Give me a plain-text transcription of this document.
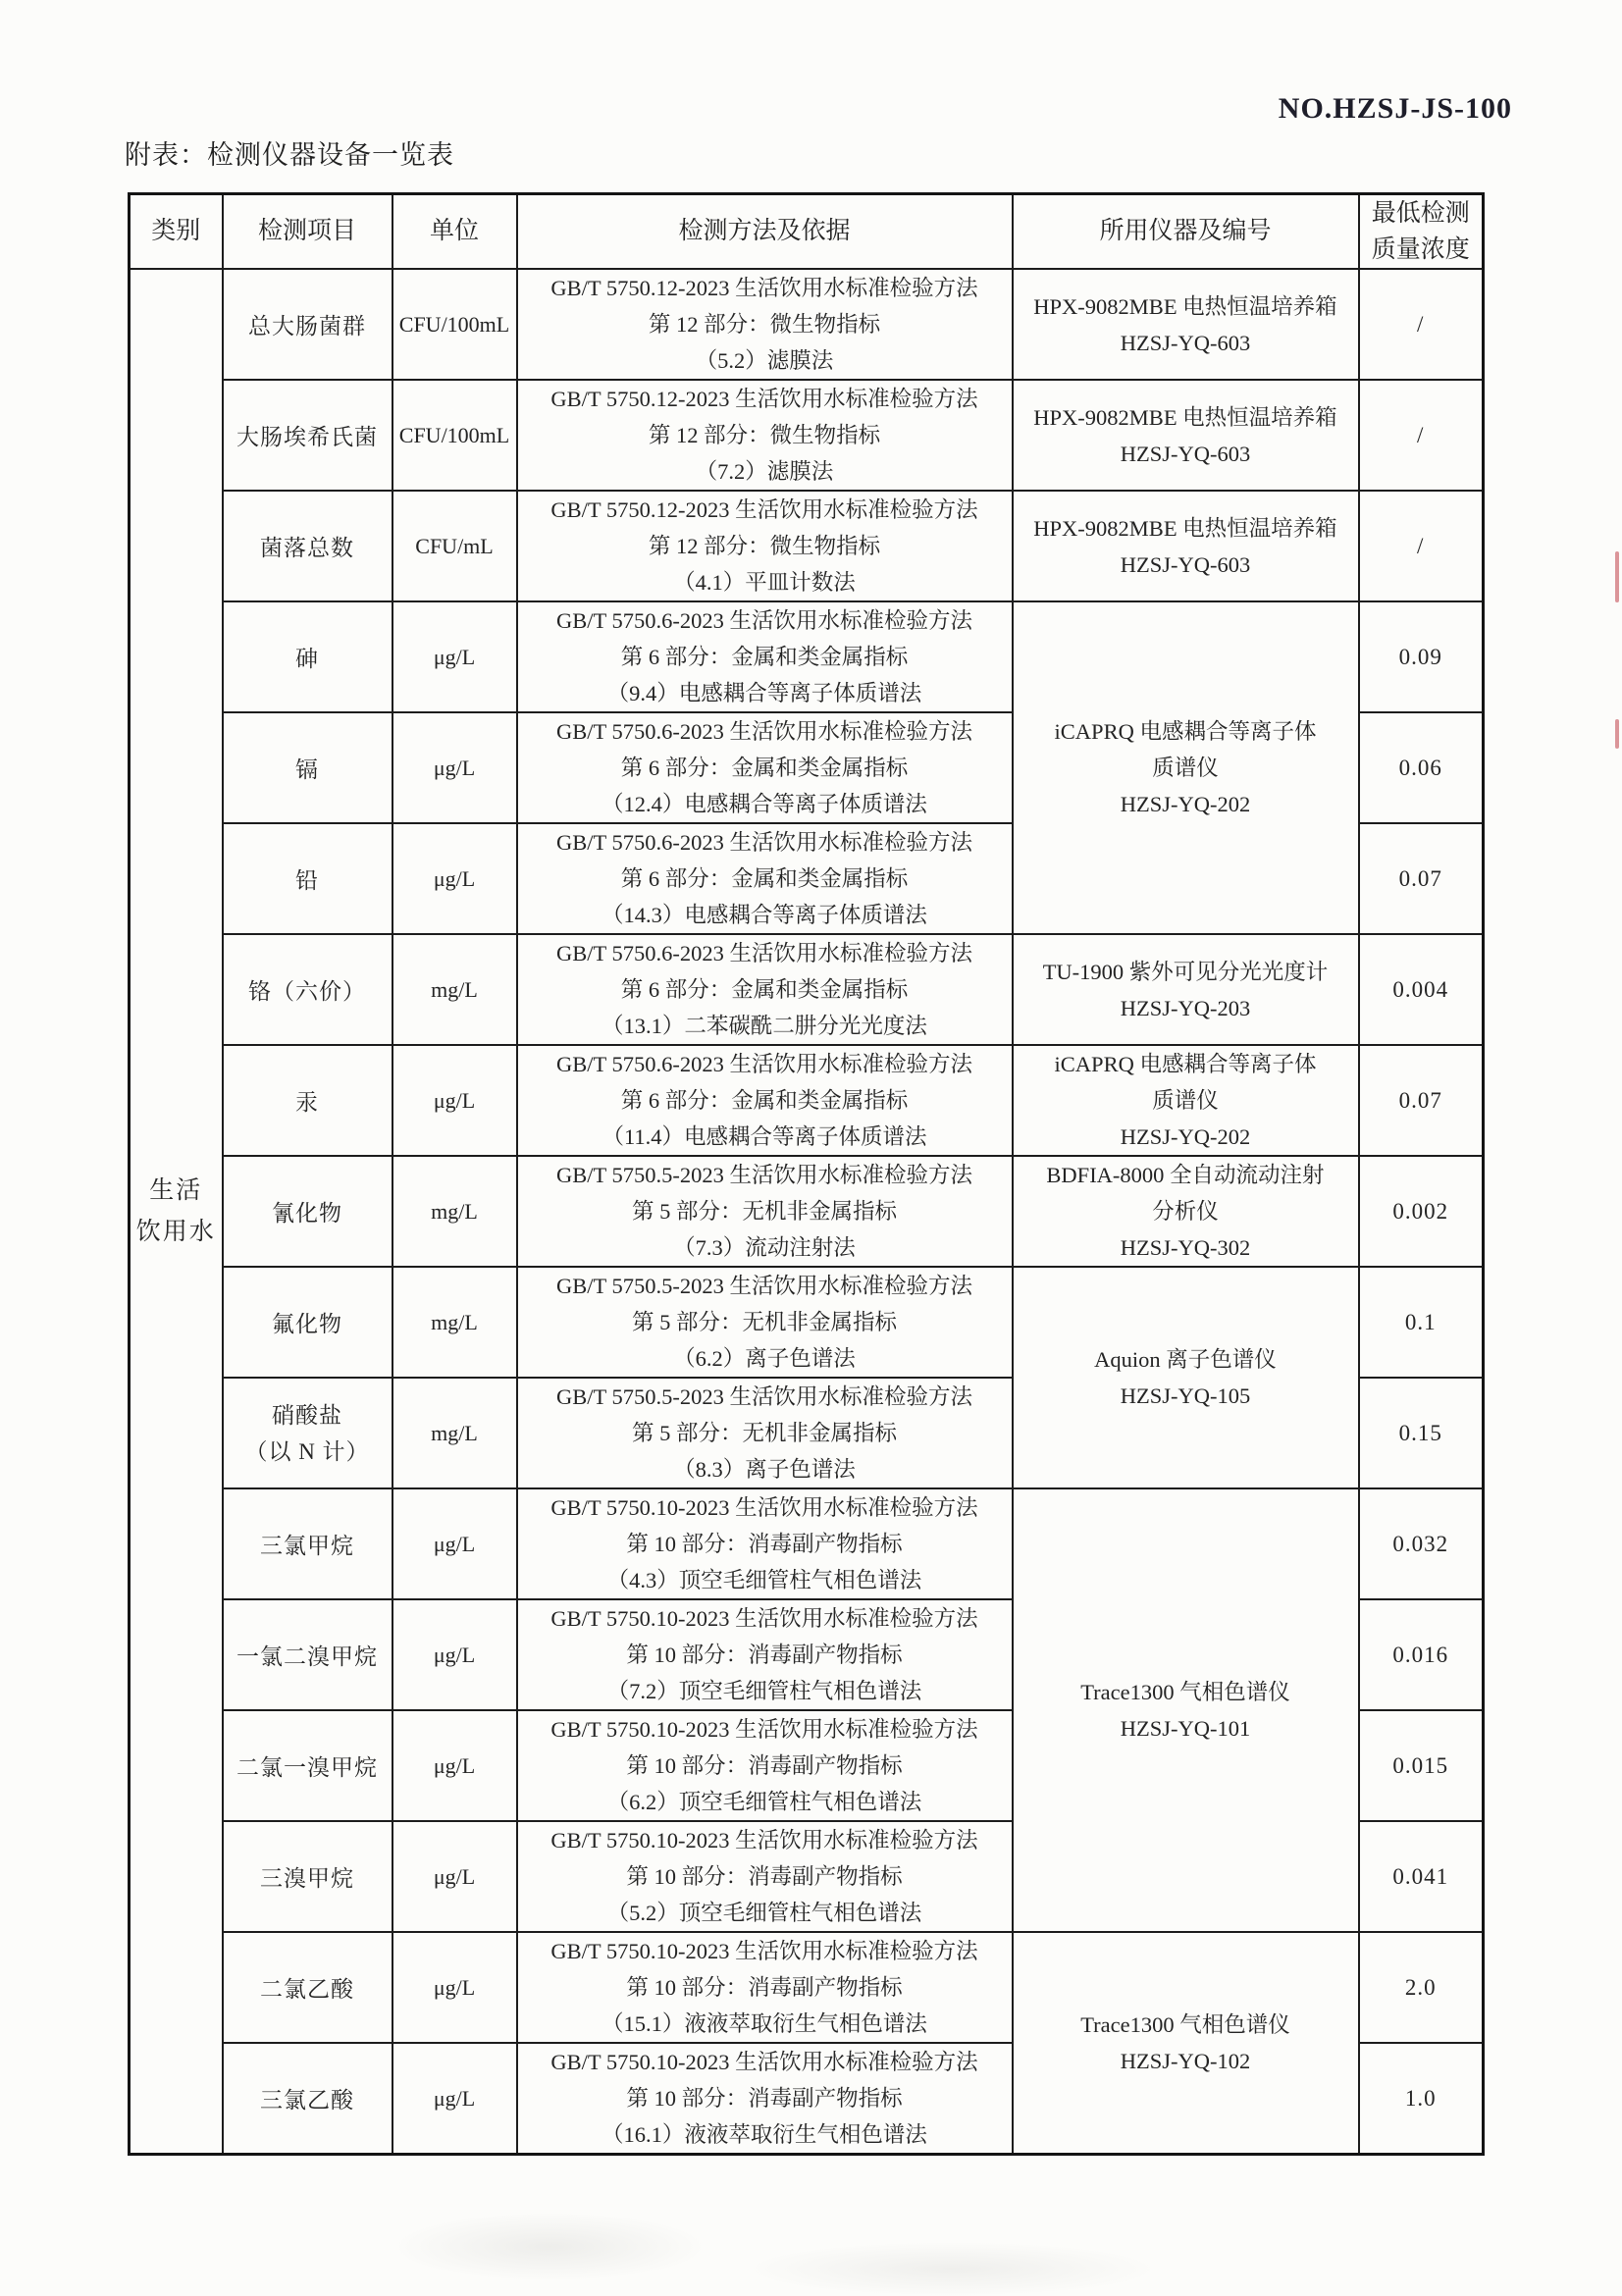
NO.HZSJ-JS-100
附表：检测仪器设备一览表
类别	检测项目	单位	检测方法及依据	所用仪器及编号	最低检测
质量浓度

生活
饮用水	总大肠菌群	CFU/100mL	GB/T 5750.12-2023 生活饮用水标准检验方法
第 12 部分：微生物指标
（5.2）滤膜法	HPX-9082MBE 电热恒温培养箱
HZSJ-YQ-603	/
	大肠埃希氏菌	CFU/100mL	GB/T 5750.12-2023 生活饮用水标准检验方法
第 12 部分：微生物指标
（7.2）滤膜法	HPX-9082MBE 电热恒温培养箱
HZSJ-YQ-603	/
	菌落总数	CFU/mL	GB/T 5750.12-2023 生活饮用水标准检验方法
第 12 部分：微生物指标
（4.1）平皿计数法	HPX-9082MBE 电热恒温培养箱
HZSJ-YQ-603	/
	砷	μg/L	GB/T 5750.6-2023 生活饮用水标准检验方法
第 6 部分：金属和类金属指标
（9.4）电感耦合等离子体质谱法	iCAPRQ 电感耦合等离子体
质谱仪
HZSJ-YQ-202	0.09
	镉	μg/L	GB/T 5750.6-2023 生活饮用水标准检验方法
第 6 部分：金属和类金属指标
（12.4）电感耦合等离子体质谱法		0.06
	铅	μg/L	GB/T 5750.6-2023 生活饮用水标准检验方法
第 6 部分：金属和类金属指标
（14.3）电感耦合等离子体质谱法		0.07
	铬（六价）	mg/L	GB/T 5750.6-2023 生活饮用水标准检验方法
第 6 部分：金属和类金属指标
（13.1）二苯碳酰二肼分光光度法	TU-1900 紫外可见分光光度计
HZSJ-YQ-203	0.004
	汞	μg/L	GB/T 5750.6-2023 生活饮用水标准检验方法
第 6 部分：金属和类金属指标
（11.4）电感耦合等离子体质谱法	iCAPRQ 电感耦合等离子体
质谱仪
HZSJ-YQ-202	0.07
	氰化物	mg/L	GB/T 5750.5-2023 生活饮用水标准检验方法
第 5 部分：无机非金属指标
（7.3）流动注射法	BDFIA-8000 全自动流动注射
分析仪
HZSJ-YQ-302	0.002
	氟化物	mg/L	GB/T 5750.5-2023 生活饮用水标准检验方法
第 5 部分：无机非金属指标
（6.2）离子色谱法	Aquion 离子色谱仪
HZSJ-YQ-105	0.1

	硝酸盐
（以 N 计）	mg/L	GB/T 5750.5-2023 生活饮用水标准检验方法
第 5 部分：无机非金属指标
（8.3）离子色谱法		0.15
	三氯甲烷	μg/L	GB/T 5750.10-2023 生活饮用水标准检验方法
第 10 部分：消毒副产物指标
（4.3）顶空毛细管柱气相色谱法	Trace1300 气相色谱仪
HZSJ-YQ-101	0.032
	一氯二溴甲烷	μg/L	GB/T 5750.10-2023 生活饮用水标准检验方法
第 10 部分：消毒副产物指标
（7.2）顶空毛细管柱气相色谱法		0.016
	二氯一溴甲烷	μg/L	GB/T 5750.10-2023 生活饮用水标准检验方法
第 10 部分：消毒副产物指标
（6.2）顶空毛细管柱气相色谱法		0.015
	三溴甲烷	μg/L	GB/T 5750.10-2023 生活饮用水标准检验方法
第 10 部分：消毒副产物指标
（5.2）顶空毛细管柱气相色谱法		0.041
	二氯乙酸	μg/L	GB/T 5750.10-2023 生活饮用水标准检验方法
第 10 部分：消毒副产物指标
（15.1）液液萃取衍生气相色谱法	Trace1300 气相色谱仪
HZSJ-YQ-102	2.0
	三氯乙酸	μg/L	GB/T 5750.10-2023 生活饮用水标准检验方法
第 10 部分：消毒副产物指标
（16.1）液液萃取衍生气相色谱法		1.0
